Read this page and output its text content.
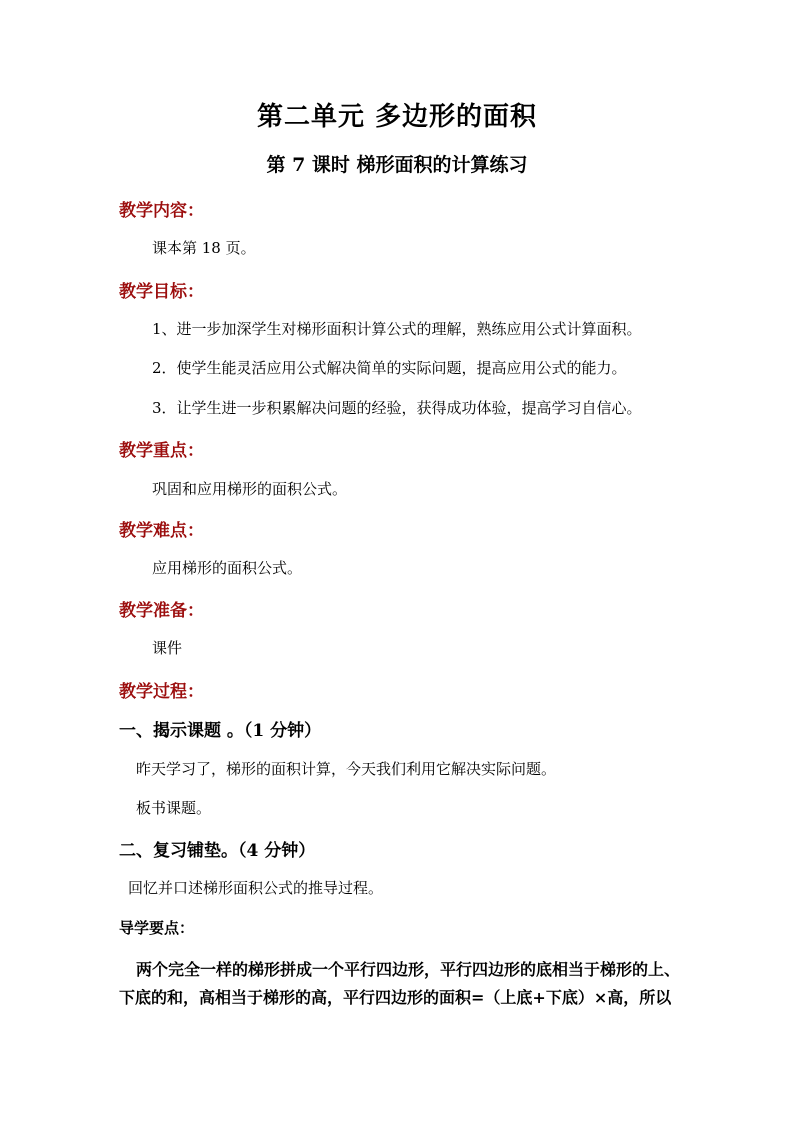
第二单元 多边形的面积
第 7 课时 梯形面积的计算练习
教学内容：
课本第 18 页。
教学目标：
1、进一步加深学生对梯形面积计算公式的理解，熟练应用公式计算面积。
2．使学生能灵活应用公式解决简单的实际问题，提高应用公式的能力。
3．让学生进一步积累解决问题的经验，获得成功体验，提高学习自信心。
教学重点：
巩固和应用梯形的面积公式。
教学难点：
应用梯形的面积公式。
教学准备：
课件
教学过程：
一、揭示课题 。（1 分钟）
昨天学习了，梯形的面积计算，今天我们利用它解决实际问题。
板书课题。
二、复习铺垫。（4 分钟）
回忆并口述梯形面积公式的推导过程。
导学要点：
两个完全一样的梯形拼成一个平行四边形，平行四边形的底相当于梯形的上、
下底的和，高相当于梯形的高，平行四边形的面积=（上底+下底）×高，所以
